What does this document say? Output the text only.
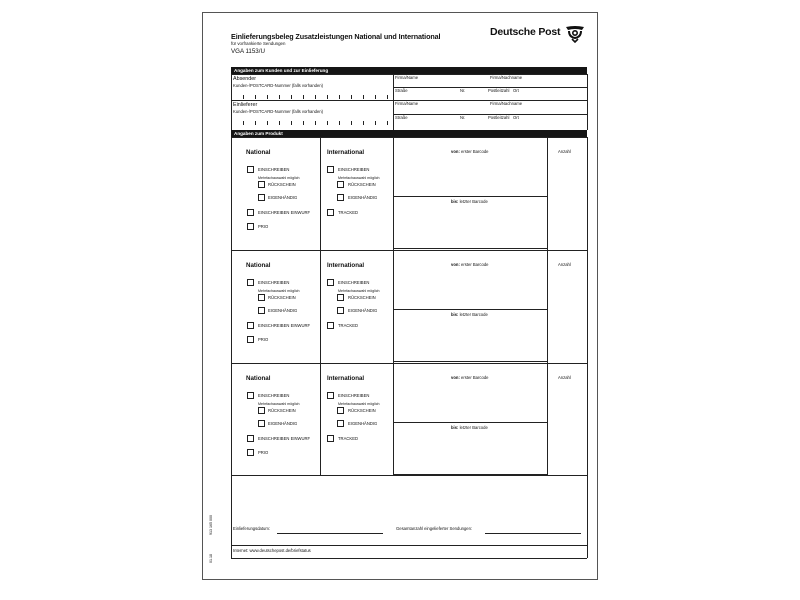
Einlieferungsbeleg Zusatzleistungen National und International
für vorfrankierte Sendungen
VGA 1153/U
Deutsche Post
Angaben zum Kunden und zur Einlieferung
Absender
Kunden-/POSTCARD-Nummer (falls vorhanden)
Firma/Name	Firma/Nachname
Straße	Nr.	Postleitzahl Ort
Einlieferer
Kunden-/POSTCARD-Nummer (falls vorhanden)
Firma/Name	Firma/Nachname
Straße	Nr.	Postleitzahl Ort
Angaben zum Produkt
National
EINSCHREIBEN
Mehrfachauswahl möglich
RÜCKSCHEIN
EIGENHÄNDIG
EINSCHREIBEN EINWURF
PRIO
International
EINSCHREIBEN
Mehrfachauswahl möglich
RÜCKSCHEIN
EIGENHÄNDIG
TRACKED
von: erster Barcode
bis: letzter Barcode
Anzahl
National
EINSCHREIBEN
Mehrfachauswahl möglich
RÜCKSCHEIN
EIGENHÄNDIG
EINSCHREIBEN EINWURF
PRIO
International
EINSCHREIBEN
Mehrfachauswahl möglich
RÜCKSCHEIN
EIGENHÄNDIG
TRACKED
von: erster Barcode
bis: letzter Barcode
Anzahl
National
EINSCHREIBEN
Mehrfachauswahl möglich
RÜCKSCHEIN
EIGENHÄNDIG
EINSCHREIBEN EINWURF
PRIO
International
EINSCHREIBEN
Mehrfachauswahl möglich
RÜCKSCHEIN
EIGENHÄNDIG
TRACKED
von: erster Barcode
bis: letzter Barcode
Anzahl
Einlieferungsdatum:	Gesamtanzahl eingelieferter Sendungen:
Internet: www.deutschepost.de/briefstatus
01.18
913 165 000
